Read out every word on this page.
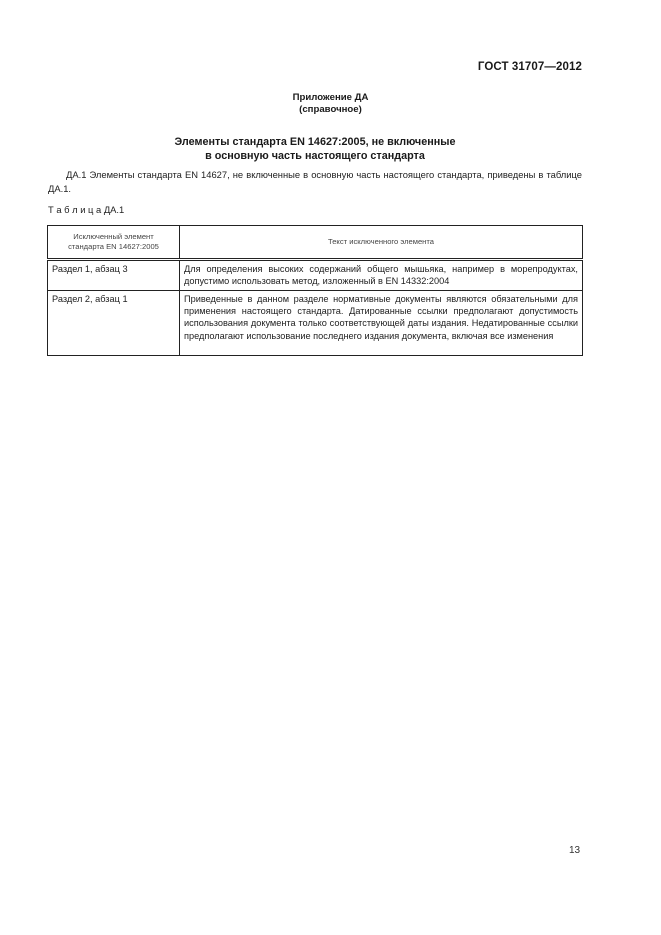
ГОСТ 31707—2012
Приложение ДА
(справочное)
Элементы стандарта EN 14627:2005, не включенные
в основную часть настоящего стандарта
ДА.1 Элементы стандарта EN 14627, не включенные в основную часть настоящего стандарта, приведены в таблице ДА.1.
Т а б л и ц а ДА.1
Исключенный элемент
стандарта EN 14627:2005	Текст исключенного элемента
Раздел 1, абзац 3	Для определения высоких содержаний общего мышьяка, например в морепродуктах, допустимо использовать метод, изложенный в EN 14332:2004
Раздел 2, абзац 1	Приведенные в данном разделе нормативные документы являются обязательными для применения настоящего стандарта. Датированные ссылки предполагают допустимость использования документа только соответствующей даты издания. Недатированные ссылки предполагают использование последнего издания документа, включая все изменения
13
